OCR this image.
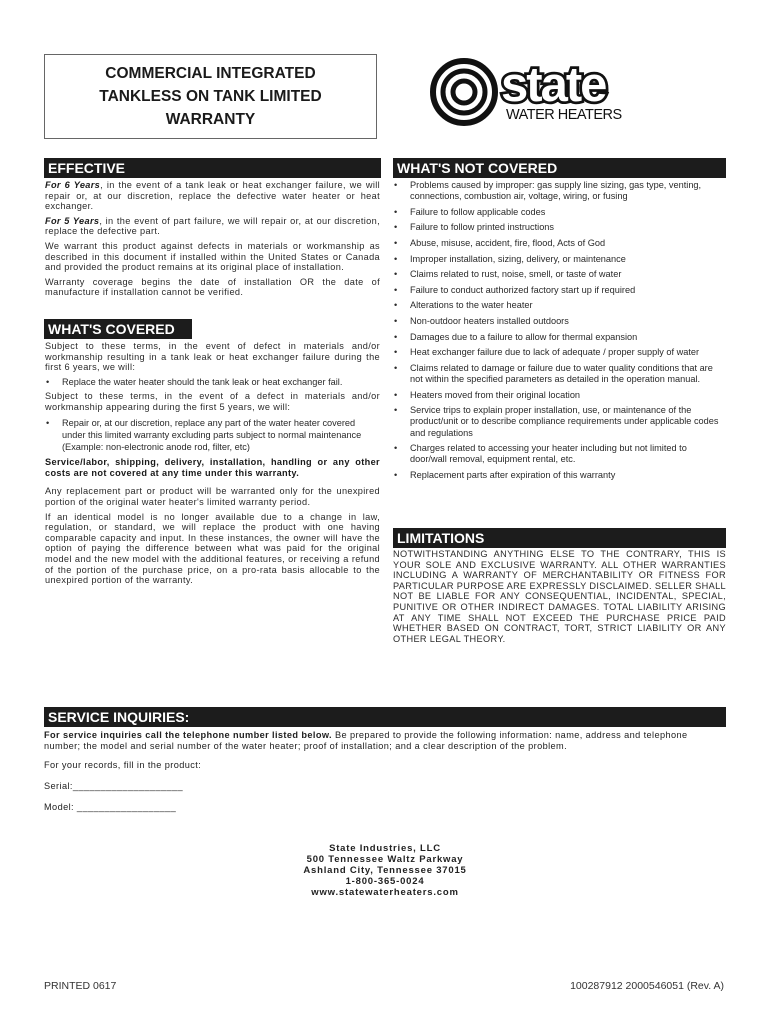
COMMERCIAL INTEGRATED
TANKLESS ON TANK LIMITED
WARRANTY
state
WATER HEATERS
EFFECTIVE

For 6 Years, in the event of a tank leak or heat exchanger failure, we will repair or, at our discretion, replace the defective water heater or heat exchanger.

For 5 Years, in the event of part failure, we will repair or, at our discretion, replace the defective part.

We warrant this product against defects in materials or workmanship as described in this document if installed within the United States or Canada and provided the product remains at its original place of installation.

Warranty coverage begins the date of installation OR the date of manufacture if installation cannot be verified.

WHAT'S COVERED

Subject to these terms, in the event of defect in materials and/or workmanship resulting in a tank leak or heat exchanger failure during the first 6 years, we will:

• Replace the water heater should the tank leak or heat exchanger fail.

Subject to these terms, in the event of a defect in materials and/or workmanship appearing during the first 5 years, we will:

• Repair or, at our discretion, replace any part of the water heater covered under this limited warranty excluding parts subject to normal maintenance (Example: non-electronic anode rod, filter, etc)

Service/labor, shipping, delivery, installation, handling or any other costs are not covered at any time under this warranty.

Any replacement part or product will be warranted only for the unexpired portion of the original water heater's limited warranty period.

If an identical model is no longer available due to a change in law, regulation, or standard, we will replace the product with one having comparable capacity and input. In these instances, the owner will have the option of paying the difference between what was paid for the original model and the new model with the additional features, or receiving a refund of the portion of the purchase price, on a pro-rata basis allocable to the unexpired portion of the warranty.

WHAT'S NOT COVERED
• Problems caused by improper: gas supply line sizing, gas type, venting, connections, combustion air, voltage, wiring, or fusing
• Failure to follow applicable codes
• Failure to follow printed instructions
• Abuse, misuse, accident, fire, flood, Acts of God
• Improper installation, sizing, delivery, or maintenance
• Claims related to rust, noise, smell, or taste of water
• Failure to conduct authorized factory start up if required
• Alterations to the water heater
• Non-outdoor heaters installed outdoors
• Damages due to a failure to allow for thermal expansion
• Heat exchanger failure due to lack of adequate / proper supply of water
• Claims related to damage or failure due to water quality conditions that are not within the specified parameters as detailed in the operation manual.
• Heaters moved from their original location
• Service trips to explain proper installation, use, or maintenance of the product/unit or to describe compliance requirements under applicable codes and regulations
• Charges related to accessing your heater including but not limited to door/wall removal, equipment rental, etc.
• Replacement parts after expiration of this warranty
LIMITATIONS

NOTWITHSTANDING ANYTHING ELSE TO THE CONTRARY, THIS IS YOUR SOLE AND EXCLUSIVE WARRANTY. ALL OTHER WARRANTIES INCLUDING A WARRANTY OF MERCHANTABILITY OR FITNESS FOR PARTICULAR PURPOSE ARE EXPRESSLY DISCLAIMED. SELLER SHALL NOT BE LIABLE FOR ANY CONSEQUENTIAL, INCIDENTAL, SPECIAL, PUNITIVE OR OTHER INDIRECT DAMAGES. TOTAL LIABILITY ARISING AT ANY TIME SHALL NOT EXCEED THE PURCHASE PRICE PAID WHETHER BASED ON CONTRACT, TORT, STRICT LIABILITY OR ANY OTHER LEGAL THEORY.

SERVICE INQUIRIES:

For service inquiries call the telephone number listed below. Be prepared to provide the following information: name, address and telephone number; the model and serial number of the water heater; proof of installation; and a clear description of the problem.

For your records, fill in the product:

Serial:____________________

Model: __________________

State Industries, LLC
500 Tennessee Waltz Parkway
Ashland City, Tennessee 37015
1-800-365-0024
www.statewaterheaters.com
PRINTED 0617	100287912 2000546051 (Rev. A)
